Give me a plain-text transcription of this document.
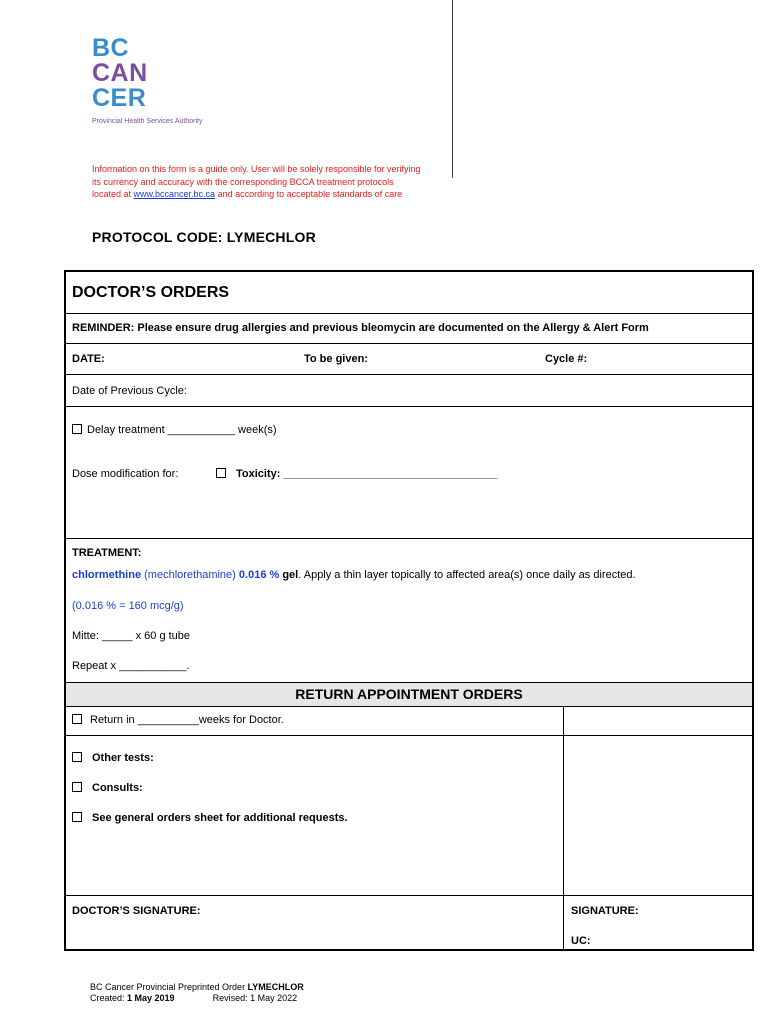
BC
CAN
CER
Provincial Health Services Authority
Information on this form is a guide only. User will be solely responsible for verifying its currency and accuracy with the corresponding BCCA treatment protocols located at www.bccancer.bc.ca and according to acceptable standards of care
PROTOCOL CODE: LYMECHLOR
DOCTOR’S ORDERS
REMINDER: Please ensure drug allergies and previous bleomycin are documented on the Allergy & Alert Form
DATE:	To be given:	Cycle #:
Date of Previous Cycle:
Delay treatment ___________ week(s)
Dose modification for:	Toxicity: ___________________________________
TREATMENT:
chlormethine (mechlorethamine) 0.016 % gel. Apply a thin layer topically to affected area(s) once daily as directed.
(0.016 % = 160 mcg/g)
Mitte: _____ x 60 g tube
Repeat x ___________.
RETURN APPOINTMENT ORDERS
Return in __________weeks for Doctor.
Other tests:
Consults:
See general orders sheet for additional requests.
DOCTOR’S SIGNATURE:	SIGNATURE:
UC:
BC Cancer Provincial Preprinted Order LYMECHLOR
Created: 1 May 2019	Revised: 1 May 2022
